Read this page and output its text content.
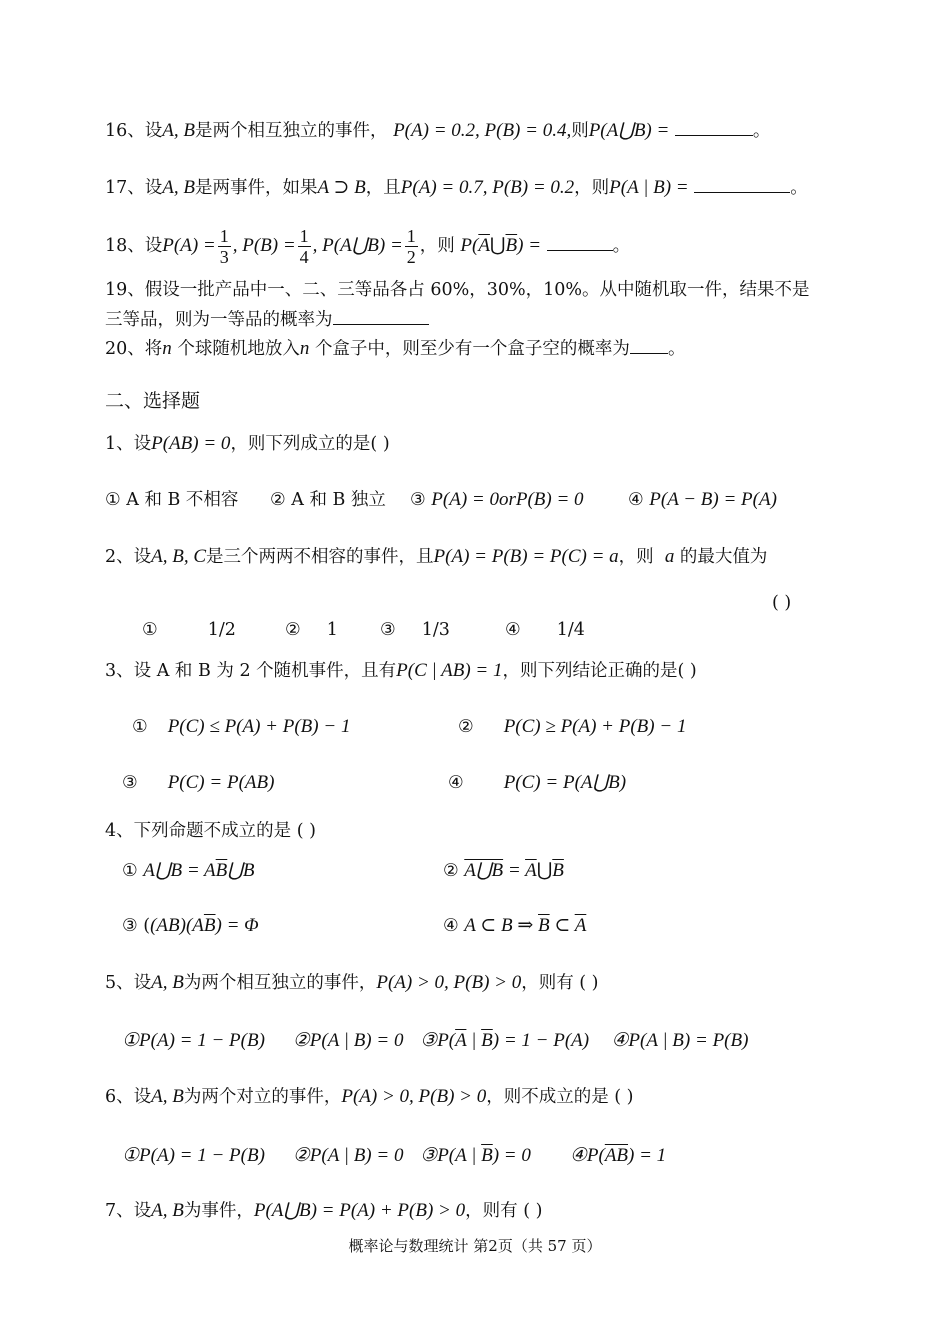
16、设A, B是两个相互独立的事件， P(A) = 0.2, P(B) = 0.4,则P(A⋃B) =	。
17、设A, B是两事件，如果A ⊃ B，且P(A) = 0.7, P(B) = 0.2，则P(A | B) =	。
18、设$P(A) = \frac{1}{3}$ , $P(B) = \frac{1}{4}$ , P(A⋃B) = $\frac{1}{2}$ ，则 $P(\overline{A}⋃\overline{B})$ =	。
19、假设一批产品中一、二、三等品各占 60%，30%，10%。从中随机取一件，结果不是
三等品，则为一等品的概率为
20、将n 个球随机地放入n 个盒子中，则至少有一个盒子空的概率为 。
二、选择题
1、设P(AB) = 0，则下列成立的是( )
① A 和 B 不相容 ② A 和 B 独立 ③ P(A) = 0orP(B) = 0	④ P(A − B) = P(A)
2、设A, B, C是三个两两不相容的事件，且P(A) = P(B) = P(C) = a，则 a 的最大值为
( )
①	1/2	② 1 ③ 1/3	④ 1/4
3、设 A 和 B 为 2 个随机事件，且有P(C | AB) = 1，则下列结论正确的是( )
① P(C) ≤ P(A) + P(B) − 1	② P(C) ≥ P(A) + P(B) − 1
③ P(C) = P(AB)	④ P(C) = P(A⋃B)
4、下列命题不成立的是 ( )
① A⋃B = $A\overline{B}⋃B$	② A⋃B = $\overline{A}⋃\overline{B}$
③ ($(AB)(A\overline{B}) = \Phi$	④ A ⊂ B ⇒ $\overline{B}$ ⊂ $\overline{A}$
5、设A, B为两个相互独立的事件，P(A) > 0, P(B) > 0，则有 ( )
①P(A) = 1 − P(B) ②P(A | B) = 0 $③P(\overline{A}$ | $\overline{B}) = 1 - P(A)$ ④P(A | B) = P(B)
6、设A, B为两个对立的事件，P(A) > 0, P(B) > 0，则不成立的是 ( )
①P(A) = 1 − P(B) ②P(A | B) = 0 ③P(A | $\overline{B}) = 0$ $④P(\overline{AB}) = 1$
7、设A, B为事件，P(A⋃B) = P(A) + P(B) > 0，则有 ( )
概率论与数理统计 第2页（共 57 页）
